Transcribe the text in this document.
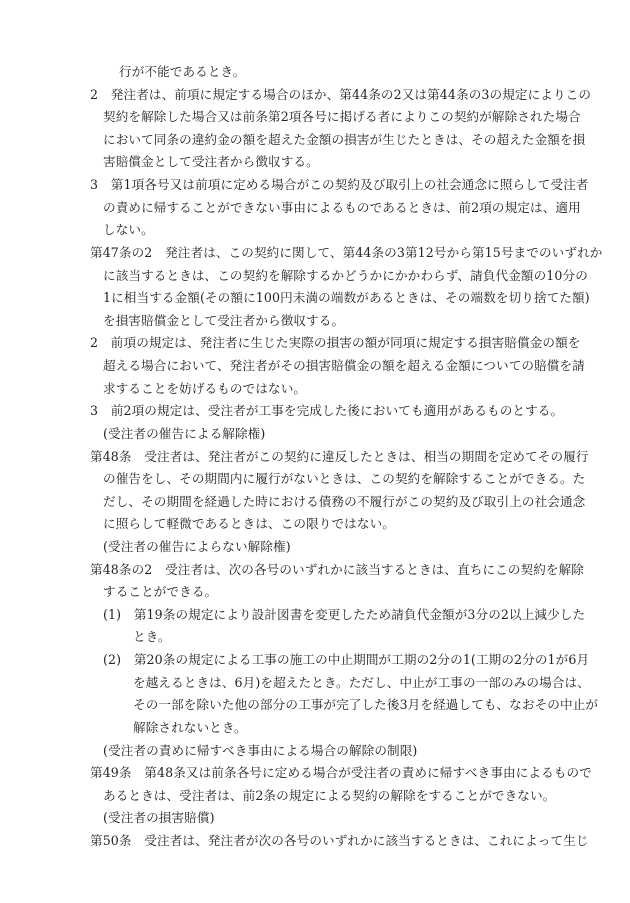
行が不能であるとき。
2　発注者は、前項に規定する場合のほか、第44条の2又は第44条の3の規定によりこの
契約を解除した場合又は前条第2項各号に掲げる者によりこの契約が解除された場合
において同条の違約金の額を超えた金額の損害が生じたときは、その超えた金額を損
害賠償金として受注者から徴収する。
3　第1項各号又は前項に定める場合がこの契約及び取引上の社会通念に照らして受注者
の責めに帰することができない事由によるものであるときは、前2項の規定は、適用
しない。
第47条の2　発注者は、この契約に関して、第44条の3第12号から第15号までのいずれか
に該当するときは、この契約を解除するかどうかにかかわらず、請負代金額の10分の
1に相当する金額(その額に100円未満の端数があるときは、その端数を切り捨てた額)
を損害賠償金として受注者から徴収する。
2　前項の規定は、発注者に生じた実際の損害の額が同項に規定する損害賠償金の額を
超える場合において、発注者がその損害賠償金の額を超える金額についての賠償を請
求することを妨げるものではない。
3　前2項の規定は、受注者が工事を完成した後においても適用があるものとする。
(受注者の催告による解除権)
第48条　受注者は、発注者がこの契約に違反したときは、相当の期間を定めてその履行
の催告をし、その期間内に履行がないときは、この契約を解除することができる。た
だし、その期間を経過した時における債務の不履行がこの契約及び取引上の社会通念
に照らして軽微であるときは、この限りではない。
(受注者の催告によらない解除権)
第48条の2　受注者は、次の各号のいずれかに該当するときは、直ちにこの契約を解除
することができる。
(1)　第19条の規定により設計図書を変更したため請負代金額が3分の2以上減少した
とき。
(2)　第20条の規定による工事の施工の中止期間が工期の2分の1(工期の2分の1が6月
を越えるときは、6月)を超えたとき。ただし、中止が工事の一部のみの場合は、
その一部を除いた他の部分の工事が完了した後3月を経過しても、なおその中止が
解除されないとき。
(受注者の責めに帰すべき事由による場合の解除の制限)
第49条　第48条又は前条各号に定める場合が受注者の責めに帰すべき事由によるもので
あるときは、受注者は、前2条の規定による契約の解除をすることができない。
(受注者の損害賠償)
第50条　受注者は、発注者が次の各号のいずれかに該当するときは、これによって生じ
